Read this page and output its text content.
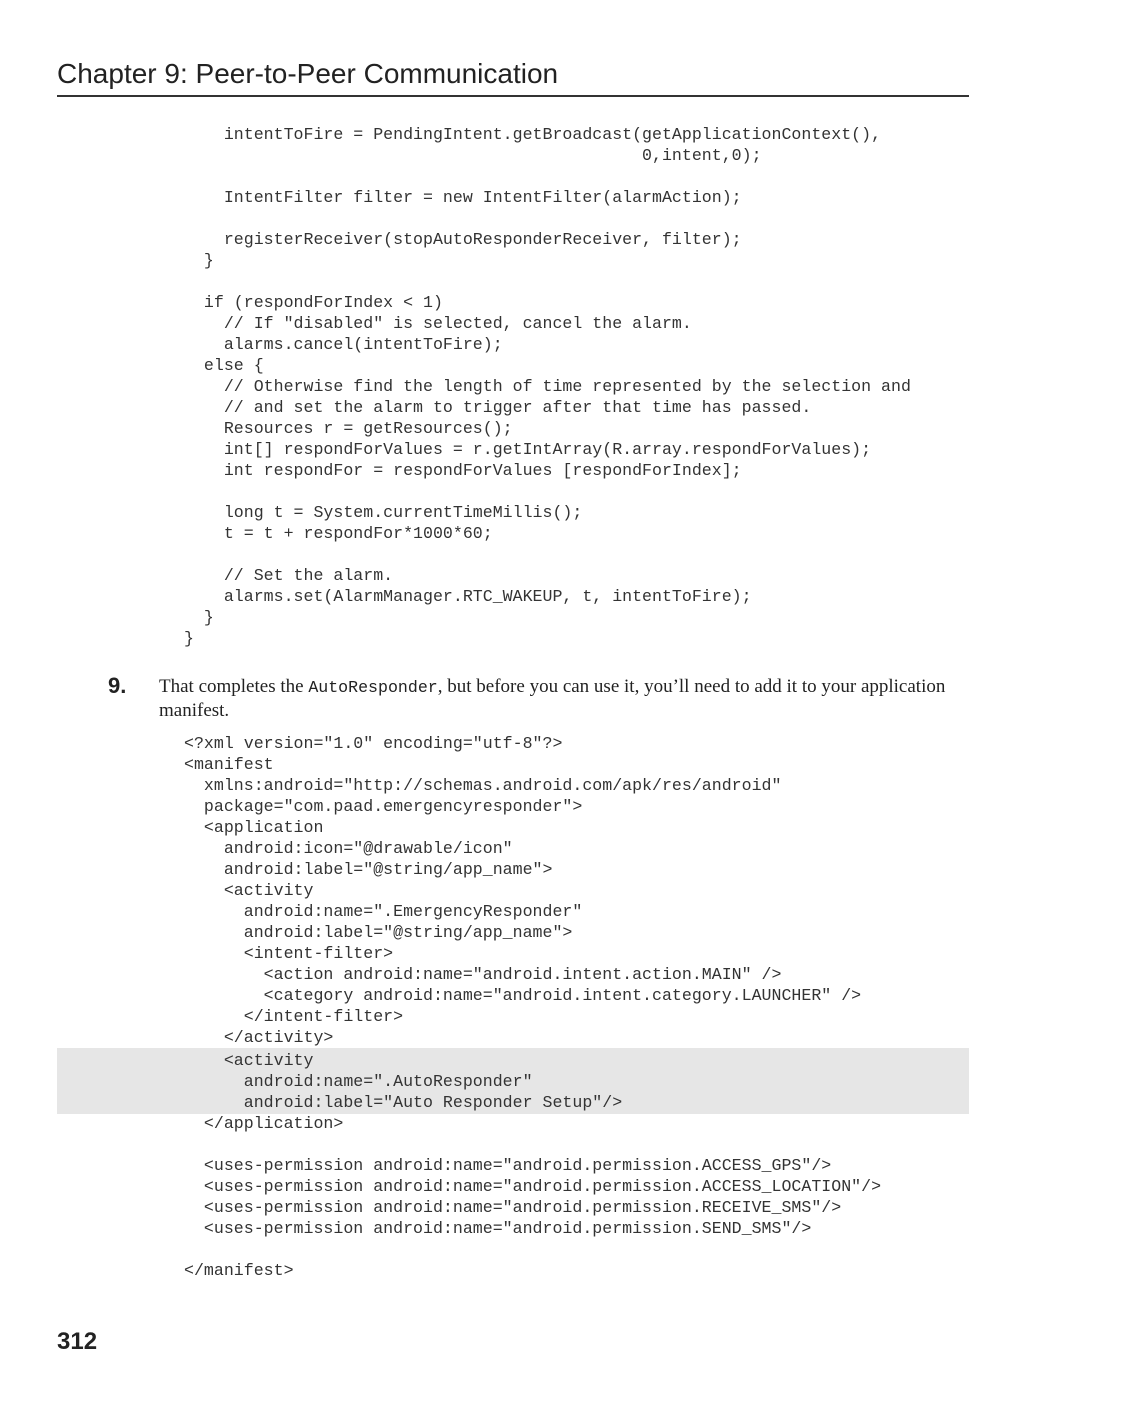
Chapter 9: Peer-to-Peer Communication
intentToFire = PendingIntent.getBroadcast(getApplicationContext(),
0,intent,0);

IntentFilter filter = new IntentFilter(alarmAction);

registerReceiver(stopAutoResponderReceiver, filter);
}

if (respondForIndex < 1)
// If "disabled" is selected, cancel the alarm.
alarms.cancel(intentToFire);
else {
// Otherwise find the length of time represented by the selection and
// and set the alarm to trigger after that time has passed.
Resources r = getResources();
int[] respondForValues = r.getIntArray(R.array.respondForValues);
int respondFor = respondForValues [respondForIndex];

long t = System.currentTimeMillis();
t = t + respondFor*1000*60;

// Set the alarm.
alarms.set(AlarmManager.RTC_WAKEUP, t, intentToFire);
}
}
9. That completes the AutoResponder, but before you can use it, you’ll need to add it to your application manifest.
<?xml version="1.0" encoding="utf-8"?>
<manifest
xmlns:android="http://schemas.android.com/apk/res/android"
package="com.paad.emergencyresponder">
<application
android:icon="@drawable/icon"
android:label="@string/app_name">
<activity
android:name=".EmergencyResponder"
android:label="@string/app_name">
<intent-filter>
<action android:name="android.intent.action.MAIN" />
<category android:name="android.intent.category.LAUNCHER" />
</intent-filter>
</activity>
<activity
android:name=".AutoResponder"
android:label="Auto Responder Setup"/>
</application>

<uses-permission android:name="android.permission.ACCESS_GPS"/>
<uses-permission android:name="android.permission.ACCESS_LOCATION"/>
<uses-permission android:name="android.permission.RECEIVE_SMS"/>
<uses-permission android:name="android.permission.SEND_SMS"/>

</manifest>
312
